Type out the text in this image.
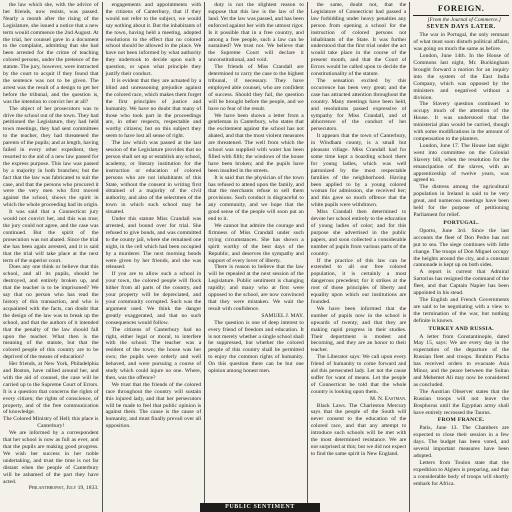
the law which she, with the advice of her friends, now resists, was passed. Nearly a month after the rising of the Legislature, she issued a notice that a new term would commence the 2nd August. At the trial, her counsel gave in a document to the complaint, admitting that she had been arrested for the crime of teaching colored persons, under the pretence of the statute. The jury, however, were instructed by the court to acquit if they found that the sentence was not to be given. The arrest was the result of a design to get her before the tribunal, and the question is, was the intention to convict her at all?

The object of her prosecutors was to drive the school out of the town. They had petitioned the Legislature, they had held town meetings, they had sent committees to the teacher, they had threatened the parents of the pupils; and at length, having failed in every other expedient, they resorted to the aid of a new law passed for the express purpose. This law was passed by a majority in both branches; but the fact that the law was fabricated to suit the case, and that the persons who procured it were the very men who first moved against the school, shows the spirit in which the whole proceeding had its origin.

It was said that a Connecticut jury would not convict her, and this was true; the jury could not agree, and the case was continued. But the spirit of the prosecution was not abated. Since the trial she has been again arrested, and it is said that the trial will take place at the next term of the superior court.

Does any one think or believe that this school, and all its pupils, should be destroyed, and entirely broken up, and that the teacher is to be imprisoned? We say that no person who has read the history of this transaction, and who is acquainted with the facts, can doubt that the design of the law was to break up the school, and that the authors of it intended that the penalty of the law should fall upon the teacher. What then is the meaning of the statute, but that the colored people of this country are to be deprived of the means of education?

Her friends, at New York, Philadelphia and Boston, have rallied around her, and with the aid of counsel, the case will be carried up to the Supreme Court of Errors. It is a question that concerns the rights of every citizen; the rights of conscience, of property, and of the free communication of knowledge.

The Colored Ministry of Hell; this place is Canterbury!

We are informed by a correspondent that her school is now as full as ever, and that the pupils are making good progress. We wish her success in her noble undertaking, and trust the time is not far distant when the people of Canterbury will be ashamed of the part they have acted.

Philanthropist, July 19, 1833.

engagements and appointments with the citizens of Canterbury, that if they would not refer to the subject, we would say nothing about it. But the inhabitants of the town, having held a meeting, adopted resolutions to the effect that no colored school should be allowed in the place. We have not been informed by what authority they undertook to decide upon such a question, or upon what principle they justify their conduct.

It is evident that they are actuated by a blind and unreasoning prejudice against the colored race, which makes them forget the first principles of justice and humanity. We have no doubt that many of those who took part in the proceedings are, in other respects, respectable and worthy citizens; but on this subject they seem to have lost all sense of right.

The law which was passed at the last session of the Legislature provides that no person shall set up or establish any school, academy, or literary institution for the instruction or education of colored persons who are not inhabitants of this State, without the consent in writing first obtained of a majority of the civil authority, and also of the selectmen of the town in which such school may be situated.

Under this statute Miss Crandall was arrested, and bound over for trial. She refused to give bonds, and was committed to the county jail, where she remained one night, in the cell which had been occupied by a murderer. The next morning bonds were given by her friends, and she was released.

If you are to allow such a school in your town, the colored people will flock hither from all parts of the country, and your property will be depreciated, and your community corrupted. Such was the argument used. We think the danger greatly exaggerated, and that no such consequences would follow.

The citizens of Canterbury had no right, either legal or moral, to interfere with the school. The teacher was a resident of the town; the house was her own; the pupils were orderly and well behaved, and were pursuing a course of study which could injure no one. Where, then, was the offence?

We trust that the friends of the colored race throughout the country will sustain this injured lady, and that her persecutors will be made to feel that public opinion is against them. The cause is the cause of humanity, and must finally prevail over all opposition.

duty is not the slightest reason to suppose that this law is the law of the land. Yet the law was passed, and has been enforced against her with the utmost rigor. Is it possible that in a free country, and among a free people, such a law can be sustained? We trust not. We believe that the Supreme Court will declare it unconstitutional, and void.

The friends of Miss Crandall are determined to carry the case to the highest tribunal, if necessary. They have employed able counsel, who are confident of success. Should they fail, the question will be brought before the people, and we have no fear of the result.

We have been shown a letter from a gentleman in Canterbury, who states that the excitement against the school has not abated, and that the most violent measures are threatened. The well from which the school was supplied with water has been filled with filth; the windows of the house have been broken; and the pupils have been insulted in the streets.

It is said that the physician of the town has refused to attend upon the family, and that the merchants refuse to sell them provisions. Such conduct is disgraceful to any community, and we hope that the good sense of the people will soon put an end to it.

We cannot but admire the courage and firmness of Miss Crandall under such trying circumstances. She has shown a spirit worthy of the best days of the Republic, and deserves the sympathy and support of every lover of liberty.

There is reason to believe that the law will be repealed at the next session of the Legislature. Public sentiment is changing rapidly; and many who at first were opposed to the school, are now convinced that they were mistaken. We wait the result with confidence.

SAMUEL J. MAY.

The question is one of deep interest to every friend of freedom and education. It is not merely whether a single school shall be suppressed, but whether the colored people of this country shall be permitted to enjoy the common rights of humanity. On this question there can be but one opinion among honest men.

the same, doubt not, that the Legislature of Connecticut had passed a law forbidding under heavy penalties any person from opening a school for the instruction of colored persons not inhabitants of the State. It was further understood that the first trial under the act would take place in the course of the present month, and that the Court of Errors would be called upon to decide the constitutionality of the statute.

The sensation excited by this occurrence has been very great; and the case has attracted attention throughout the country. Many meetings have been held, and resolutions passed expressive of sympathy for Miss Crandall, and of abhorrence of the conduct of her persecutors.

It appears that the town of Canterbury, in Windham county, is a small but pleasant village. Miss Crandall had for some time kept a boarding school there for young ladies, which was well patronized by the most respectable families of the neighborhood. Having been applied to by a young colored woman for admission, she received her; and this gave so much offence that the white pupils were withdrawn.

Miss Crandall then determined to devote her school entirely to the education of young ladies of color; and for this purpose she advertised in the public papers, and soon collected a considerable number of pupils from various parts of the country.

If the practice of this law can be extended to all our free colored population, it is certainly a most dangerous precedent; for it strikes at the root of those principles of liberty and equality upon which our institutions are founded.

We have been informed that the number of pupils now in the school is upwards of twenty, and that they are making rapid progress in their studies. Their deportment is modest and becoming, and they are an honor to their teacher.

The Liberator says: We call upon every friend of humanity to come forward and aid this persecuted lady. Let not the cause suffer for want of means. Let the people of Connecticut be told that the whole country is looking upon them.

M. N. Eastman.

Black Laws. The Charleston Mercury says that the people of the South will never consent to the education of the colored race, and that any attempt to introduce such schools will be met with the most determined resistance. We are not surprised at this; but we did not expect to find the same spirit in New England.

FOREIGN.

[From the Journal of Commerce.]

SEVEN DAYS LATER.

The war in Portugal, the only remnant of what must soon disturb political affairs, was going on much the same as before.

London, June 14th. In the House of Commons last night, Mr. Buckingham brought forward a motion for an inquiry into the system of the East India Company, which was opposed by the ministers and negatived without a division.

The Slavery question continued to occupy much of the attention of the House. It was understood that the ministerial plan would be carried, though with some modifications in the amount of compensation to the planters.

London, June 17. The House last night went into committee on the Colonial Slavery bill, when the resolution for the emancipation of the slaves, with an apprenticeship of twelve years, was agreed to.

The distress among the agricultural population in Ireland is said to be very great, and numerous meetings have been held for the purpose of petitioning Parliament for relief.

PORTUGAL.

Oporto, June 3rd. Since the last accounts the fleet of Don Pedro has not put to sea. The siege continues with little change. The troops of Don Miguel occupy the heights around the city, and a constant cannonade is kept up on both sides.

A report is current that Admiral Sartorius has resigned the command of the fleet, and that Captain Napier has been appointed in his stead.

The English and French Governments are said to be negotiating with a view to the termination of the war, but nothing definite is known.

TURKEY AND RUSSIA.

A letter from Constantinople, dated May 15, says: We are every day in the expectation of the departure of the Russian fleet and troops. Ibrahim Pacha has received orders to evacuate Asia Minor, and the peace between the Sultan and Mehemet Ali may now be considered as concluded.

The Austrian Observer states that the Russian troops will not leave the Bosphorus until the Egyptian army shall have entirely recrossed the Taurus.

FROM FRANCE.

Paris, June 13. The Chambers are expected to close their session in a few days. The budget has been voted, and several important measures have been adopted.

Letters from Toulon state that the expedition to Algiers is preparing, and that a considerable body of troops will shortly embark for Africa.

PUBLIC SENTIMENT
